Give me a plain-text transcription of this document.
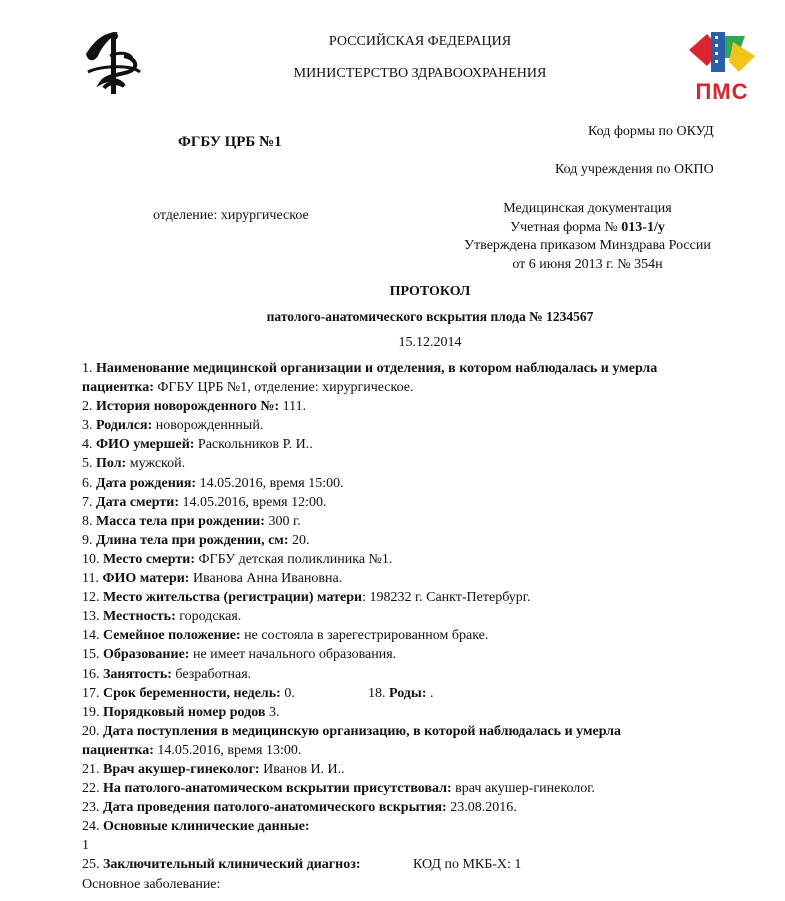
ПМС
РОССИЙСКАЯ ФЕДЕРАЦИЯ
МИНИСТЕРСТВО ЗДРАВООХРАНЕНИЯ
ФГБУ ЦРБ №1
отделение: хирургическое
Код формы по ОКУД
Код учреждения по ОКПО
Медицинская документация
Учетная форма № 013-1/у
Утверждена приказом Минздрава России
от 6 июня 2013 г. № 354н
ПРОТОКОЛ
патолого-анатомического вскрытия плода № 1234567
15.12.2014
1. Наименование медицинской организации и отделения, в котором наблюдалась и умерла
пациентка: ФГБУ ЦРБ №1, отделение: хирургическое.
2. История новорожденного №: 111.
3. Родился: новорожденнный.
4. ФИО умершей: Раскольников Р. И..
5. Пол: мужской.
6. Дата рождения: 14.05.2016, время 15:00.
7. Дата смерти: 14.05.2016, время 12:00.
8. Масса тела при рождении: 300 г.
9. Длина тела при рождении, см: 20.
10. Место смерти: ФГБУ детская поликлиника №1.
11. ФИО матери: Иванова Анна Ивановна.
12. Место жительства (регистрации) матери: 198232 г. Санкт-Петербург.
13. Местность: городская.
14. Семейное положение: не состояла в зарегестрированном браке.
15. Образование: не имеет начального образования.
16. Занятость: безработная.
17. Срок беременности, недель: 0.	18. Роды: .
19. Порядковый номер родов 3.
20. Дата поступления в медицинскую организацию, в которой наблюдалась и умерла
пациентка: 14.05.2016, время 13:00.
21. Врач акушер-гинеколог: Иванов И. И..
22. На патолого-анатомическом вскрытии присутствовал: врач акушер-гинеколог.
23. Дата проведения патолого-анатомического вскрытия: 23.08.2016.
24. Основные клинические данные:
1
25. Заключительный клинический диагноз:	КОД по МКБ-Х: 1
Основное заболевание:
